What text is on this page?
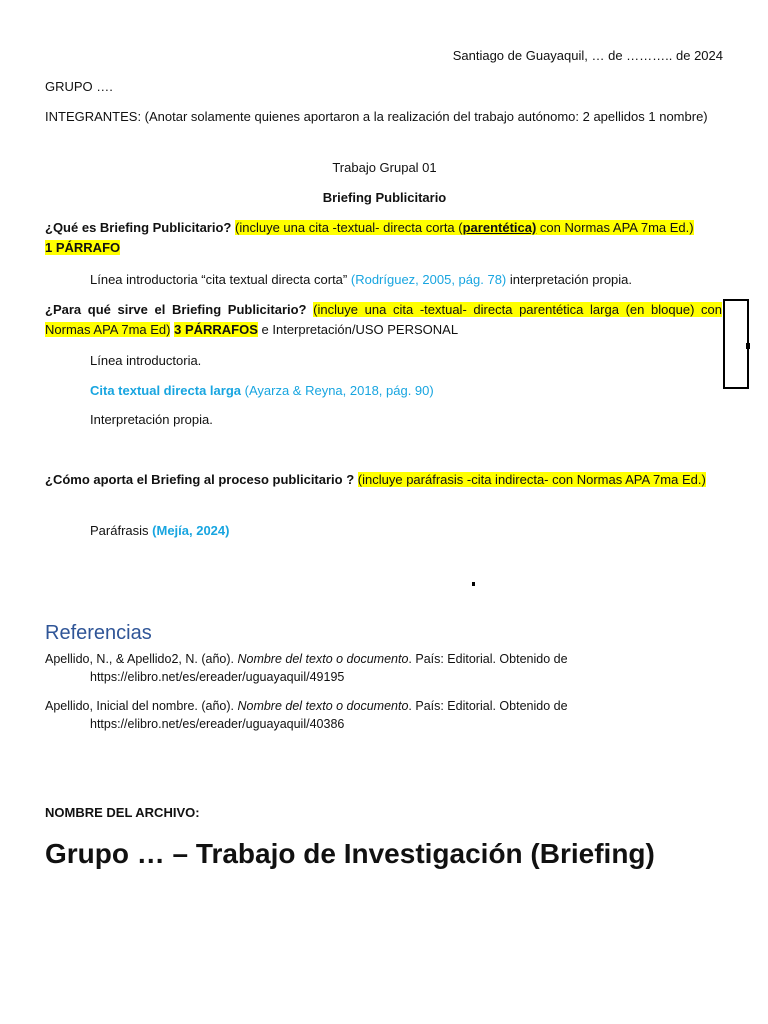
Santiago de Guayaquil, … de ……….. de 2024
GRUPO ….
INTEGRANTES: (Anotar solamente quienes aportaron a la realización del trabajo autónomo: 2 apellidos 1 nombre)
Trabajo Grupal 01
Briefing Publicitario
¿Qué es Briefing Publicitario? (incluye una cita -textual- directa corta (parentética) con Normas APA 7ma Ed.)
1 PÁRRAFO
Línea introductoria “cita textual directa corta” (Rodríguez, 2005, pág. 78) interpretación propia.
¿Para qué sirve el Briefing Publicitario? (incluye una cita -textual- directa parentética larga (en bloque) con Normas APA 7ma Ed) 3 PÁRRAFOS e Interpretación/USO PERSONAL
Línea introductoria.
Cita textual directa larga (Ayarza & Reyna, 2018, pág. 90)
Interpretación propia.
¿Cómo aporta el Briefing al proceso publicitario ? (incluye paráfrasis -cita indirecta- con Normas APA 7ma Ed.)
Paráfrasis (Mejía, 2024)
Referencias
Apellido, N., & Apellido2, N. (año). Nombre del texto o documento. País: Editorial. Obtenido de
https://elibro.net/es/ereader/uguayaquil/49195
Apellido, Inicial del nombre. (año). Nombre del texto o documento. País: Editorial. Obtenido de
https://elibro.net/es/ereader/uguayaquil/40386
NOMBRE DEL ARCHIVO:
Grupo … – Trabajo de Investigación (Briefing)
